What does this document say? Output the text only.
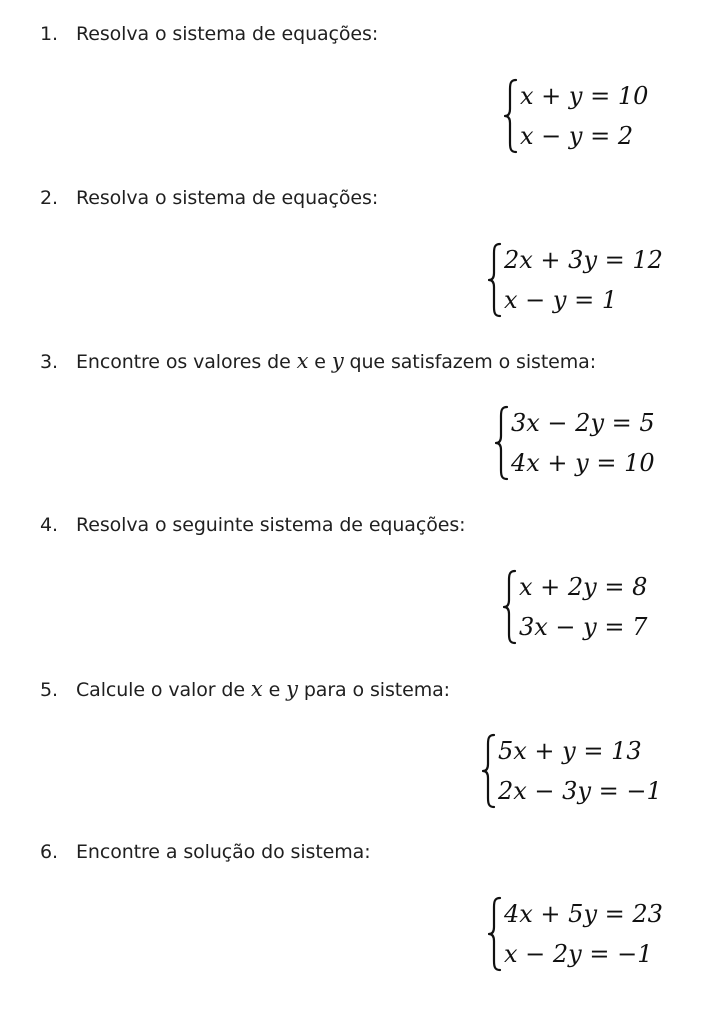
1. Resolva o sistema de equações:
x + y = 10
x − y = 2
2. Resolva o sistema de equações:
2x + 3y = 12
x − y = 1
3. Encontre os valores de x e y que satisfazem o sistema:
3x − 2y = 5
4x + y = 10
4. Resolva o seguinte sistema de equações:
x + 2y = 8
3x − y = 7
5. Calcule o valor de x e y para o sistema:
5x + y = 13
2x − 3y = −1
6. Encontre a solução do sistema:
4x + 5y = 23
x − 2y = −1
